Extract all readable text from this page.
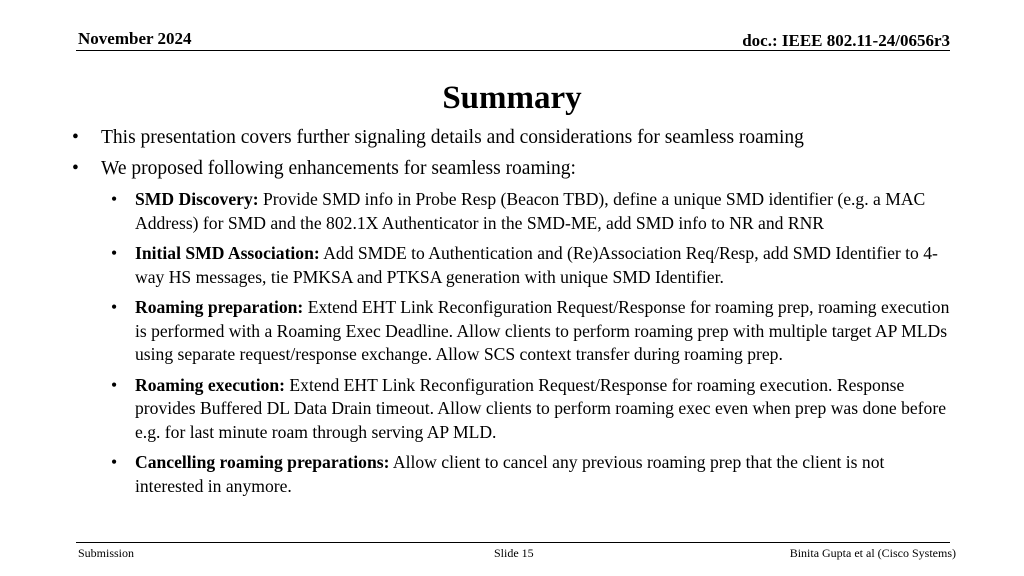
November 2024	doc.: IEEE 802.11-24/0656r3
Summary
• This presentation covers further signaling details and considerations for seamless roaming
• We proposed following enhancements for seamless roaming:
• SMD Discovery: Provide SMD info in Probe Resp (Beacon TBD), define a unique SMD identifier (e.g. a MAC Address) for SMD and the 802.1X Authenticator in the SMD-ME, add SMD info to NR and RNR
• Initial SMD Association: Add SMDE to Authentication and (Re)Association Req/Resp, add SMD Identifier to 4-way HS messages, tie PMKSA and PTKSA generation with unique SMD Identifier.
• Roaming preparation: Extend EHT Link Reconfiguration Request/Response for roaming prep, roaming execution is performed with a Roaming Exec Deadline. Allow clients to perform roaming prep with multiple target AP MLDs using separate request/response exchange. Allow SCS context transfer during roaming prep.
• Roaming execution: Extend EHT Link Reconfiguration Request/Response for roaming execution. Response provides Buffered DL Data Drain timeout. Allow clients to perform roaming exec even when prep was done before e.g. for last minute roam through serving AP MLD.
• Cancelling roaming preparations: Allow client to cancel any previous roaming prep that the client is not interested in anymore.
Submission	Slide 15	Binita Gupta et al (Cisco Systems)
